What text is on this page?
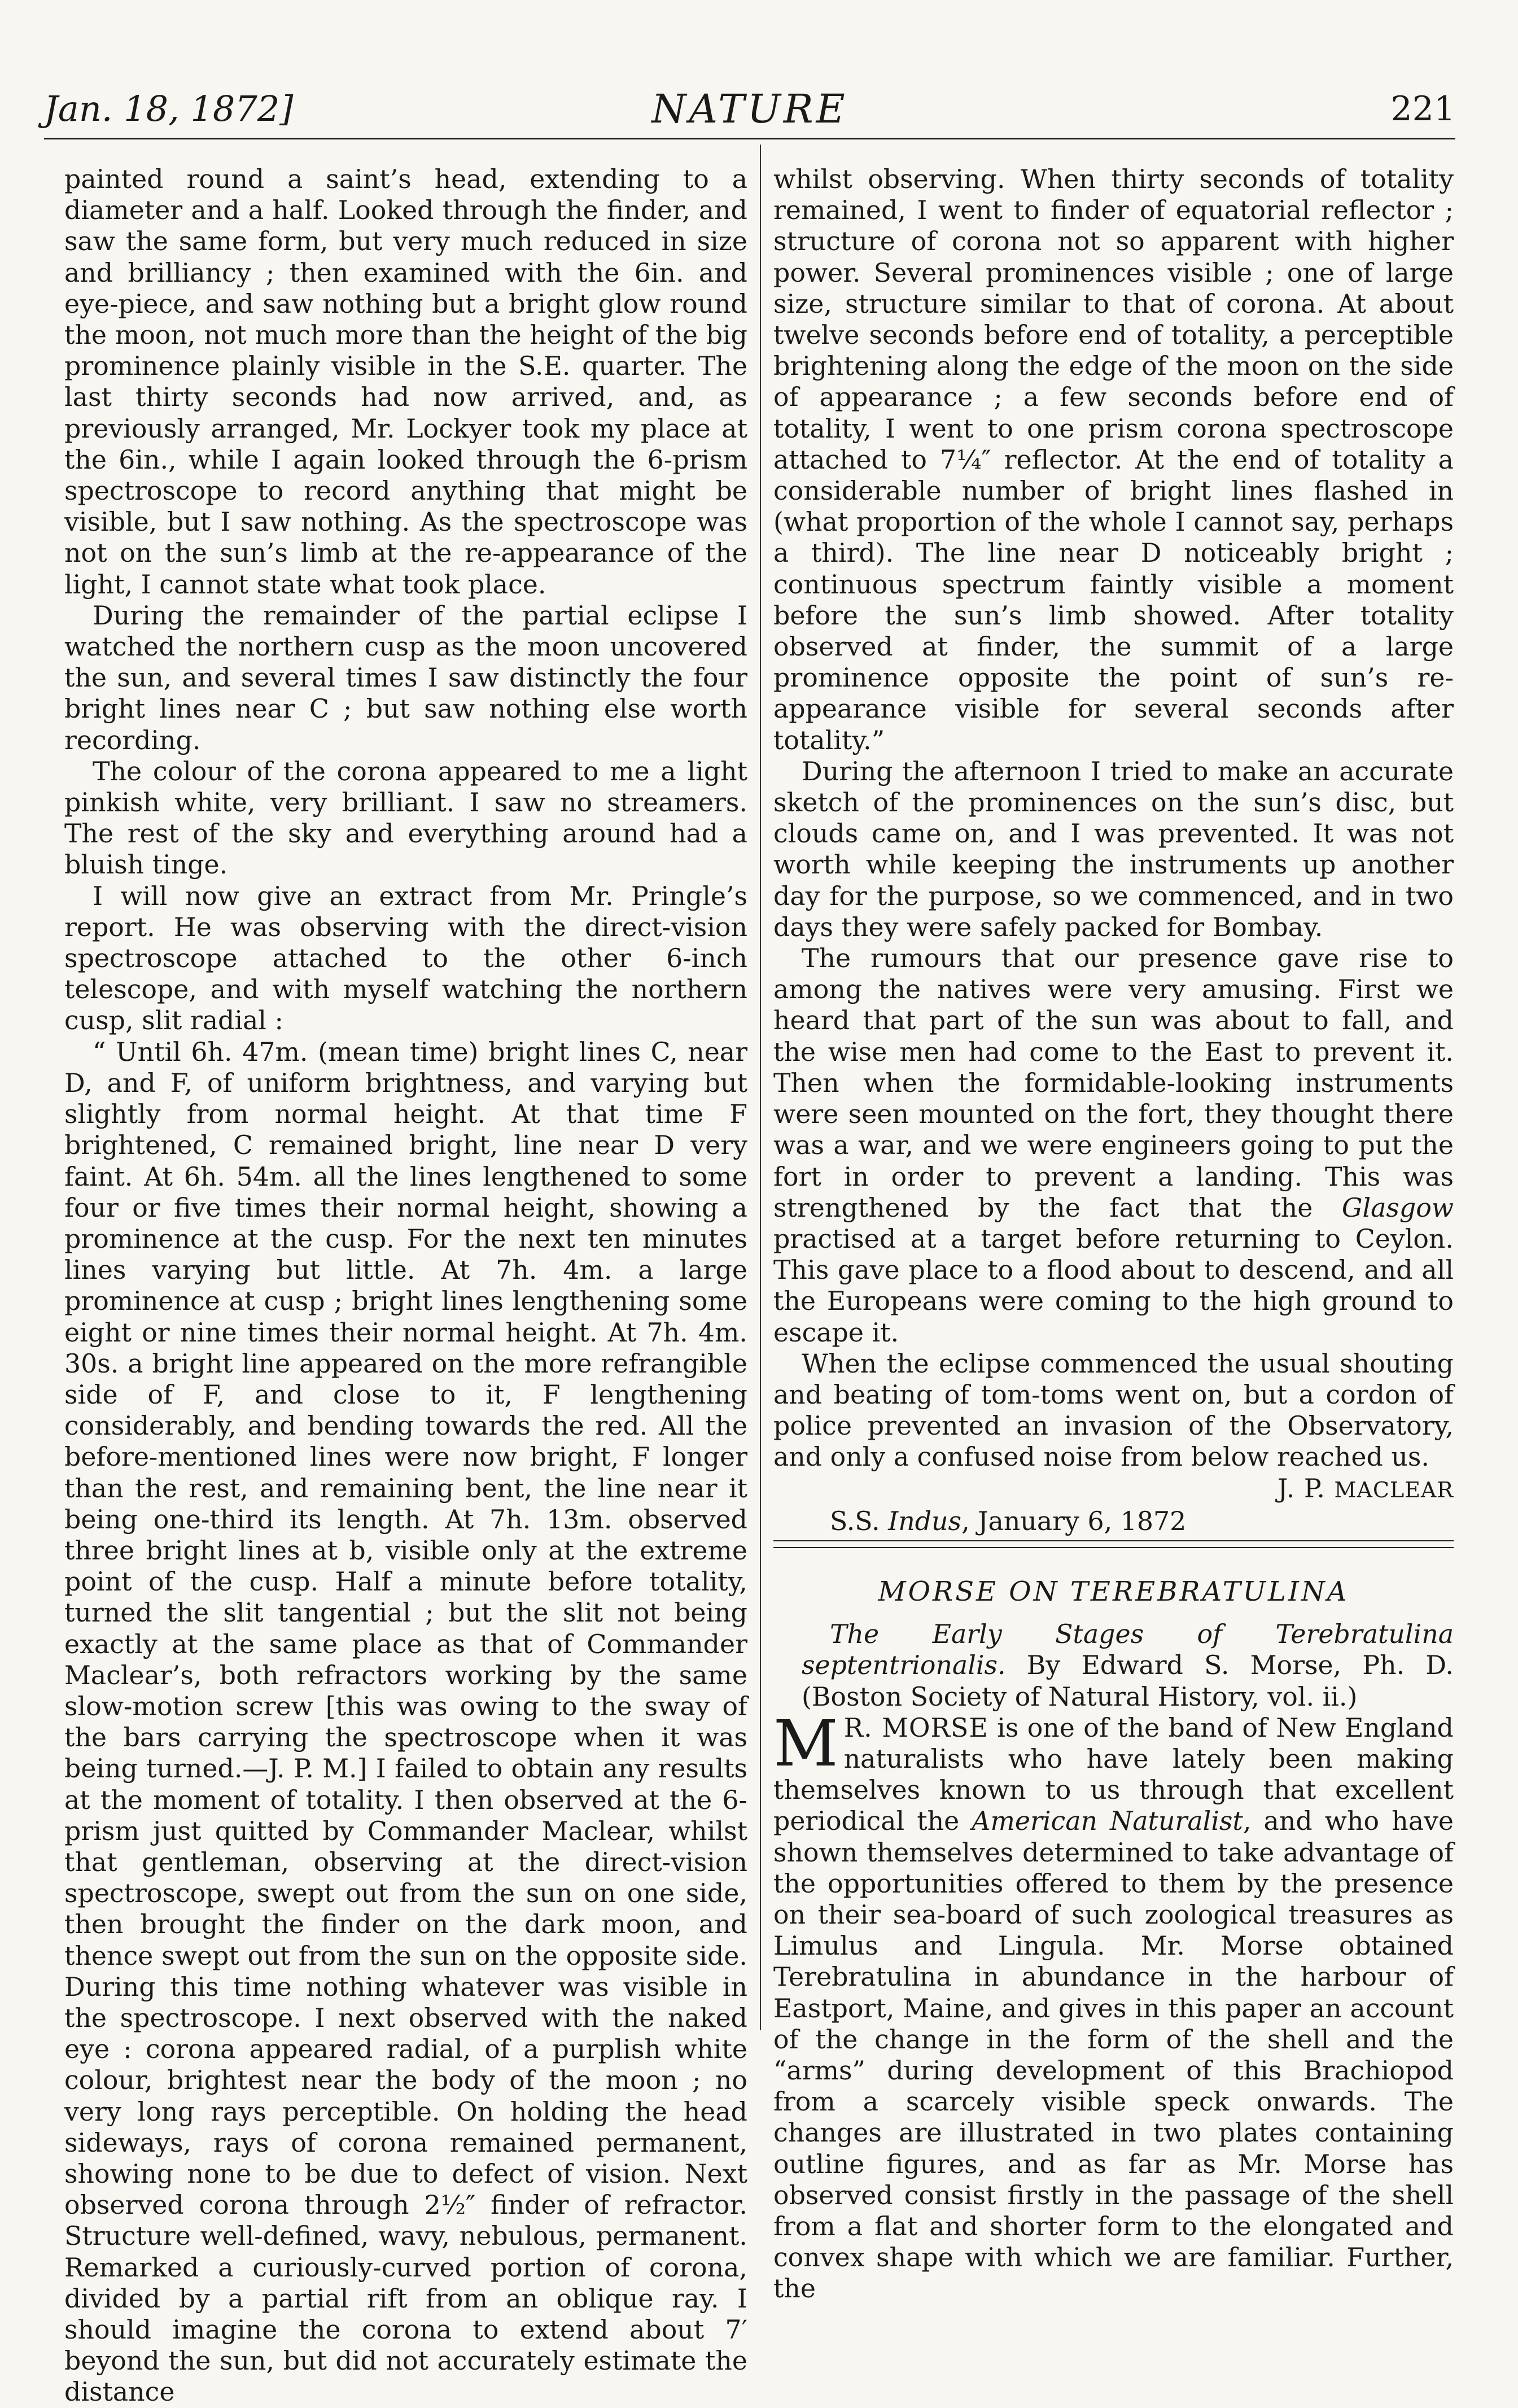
Jan. 18, 1872]	NATURE	221

painted round a saint’s head, extending to a diameter and a half. Looked through the finder, and saw the same form, but very much reduced in size and brilliancy ; then examined with the 6in. and eye-piece, and saw nothing but a bright glow round the moon, not much more than the height of the big prominence plainly visible in the S.E. quarter. The last thirty seconds had now arrived, and, as previously arranged, Mr. Lockyer took my place at the 6in., while I again looked through the 6-prism spectroscope to record anything that might be visible, but I saw nothing. As the spectroscope was not on the sun’s limb at the re-appearance of the light, I cannot state what took place.

During the remainder of the partial eclipse I watched the northern cusp as the moon uncovered the sun, and several times I saw distinctly the four bright lines near C ; but saw nothing else worth recording.

The colour of the corona appeared to me a light pinkish white, very brilliant. I saw no streamers. The rest of the sky and everything around had a bluish tinge.

I will now give an extract from Mr. Pringle’s report. He was observing with the direct-vision spectroscope attached to the other 6-inch telescope, and with myself watching the northern cusp, slit radial :

“ Until 6h. 47m. (mean time) bright lines C, near D, and F, of uniform brightness, and varying but slightly from normal height. At that time F brightened, C remained bright, line near D very faint. At 6h. 54m. all the lines lengthened to some four or five times their normal height, showing a prominence at the cusp. For the next ten minutes lines varying but little. At 7h. 4m. a large prominence at cusp ; bright lines lengthening some eight or nine times their normal height. At 7h. 4m. 30s. a bright line appeared on the more refrangible side of F, and close to it, F lengthening considerably, and bending towards the red. All the before-mentioned lines were now bright, F longer than the rest, and remaining bent, the line near it being one-third its length. At 7h. 13m. observed three bright lines at b, visible only at the extreme point of the cusp. Half a minute before totality, turned the slit tangential ; but the slit not being exactly at the same place as that of Commander Maclear’s, both refractors working by the same slow-motion screw [this was owing to the sway of the bars carrying the spectroscope when it was being turned.—J. P. M.] I failed to obtain any results at the moment of totality. I then observed at the 6-prism just quitted by Commander Maclear, whilst that gentleman, observing at the direct-vision spectroscope, swept out from the sun on one side, then brought the finder on the dark moon, and thence swept out from the sun on the opposite side. During this time nothing whatever was visible in the spectroscope. I next observed with the naked eye : corona appeared radial, of a purplish white colour, brightest near the body of the moon ; no very long rays perceptible. On holding the head sideways, rays of corona remained permanent, showing none to be due to defect of vision. Next observed corona through 2½″ finder of refractor. Structure well-defined, wavy, nebulous, permanent. Remarked a curiously-curved portion of corona, divided by a partial rift from an oblique ray. I should imagine the corona to extend about 7′ beyond the sun, but did not accurately estimate the distance

whilst observing. When thirty seconds of totality remained, I went to finder of equatorial reflector ; structure of corona not so apparent with higher power. Several prominences visible ; one of large size, structure similar to that of corona. At about twelve seconds before end of totality, a perceptible brightening along the edge of the moon on the side of appearance ; a few seconds before end of totality, I went to one prism corona spectroscope attached to 7¼″ reflector. At the end of totality a considerable number of bright lines flashed in (what proportion of the whole I cannot say, perhaps a third). The line near D noticeably bright ; continuous spectrum faintly visible a moment before the sun’s limb showed. After totality observed at finder, the summit of a large prominence opposite the point of sun’s re-appearance visible for several seconds after totality.”

During the afternoon I tried to make an accurate sketch of the prominences on the sun’s disc, but clouds came on, and I was prevented. It was not worth while keeping the instruments up another day for the purpose, so we commenced, and in two days they were safely packed for Bombay.

The rumours that our presence gave rise to among the natives were very amusing. First we heard that part of the sun was about to fall, and the wise men had come to the East to prevent it. Then when the formidable-looking instruments were seen mounted on the fort, they thought there was a war, and we were engineers going to put the fort in order to prevent a landing. This was strengthened by the fact that the Glasgow practised at a target before returning to Ceylon. This gave place to a flood about to descend, and all the Europeans were coming to the high ground to escape it.

When the eclipse commenced the usual shouting and beating of tom-toms went on, but a cordon of police prevented an invasion of the Observatory, and only a confused noise from below reached us.

J. P. MACLEAR

S.S. Indus, January 6, 1872

MORSE ON TEREBRATULINA

The Early Stages of Terebratulina septentrionalis. By Edward S. Morse, Ph. D. (Boston Society of Natural History, vol. ii.)

M R. MORSE is one of the band of New England naturalists who have lately been making themselves known to us through that excellent periodical the American Naturalist, and who have shown themselves determined to take advantage of the opportunities offered to them by the presence on their sea-board of such zoological treasures as Limulus and Lingula. Mr. Morse obtained Terebratulina in abundance in the harbour of Eastport, Maine, and gives in this paper an account of the change in the form of the shell and the “arms” during development of this Brachiopod from a scarcely visible speck onwards. The changes are illustrated in two plates containing outline figures, and as far as Mr. Morse has observed consist firstly in the passage of the shell from a flat and shorter form to the elongated and convex shape with which we are familiar. Further, the
